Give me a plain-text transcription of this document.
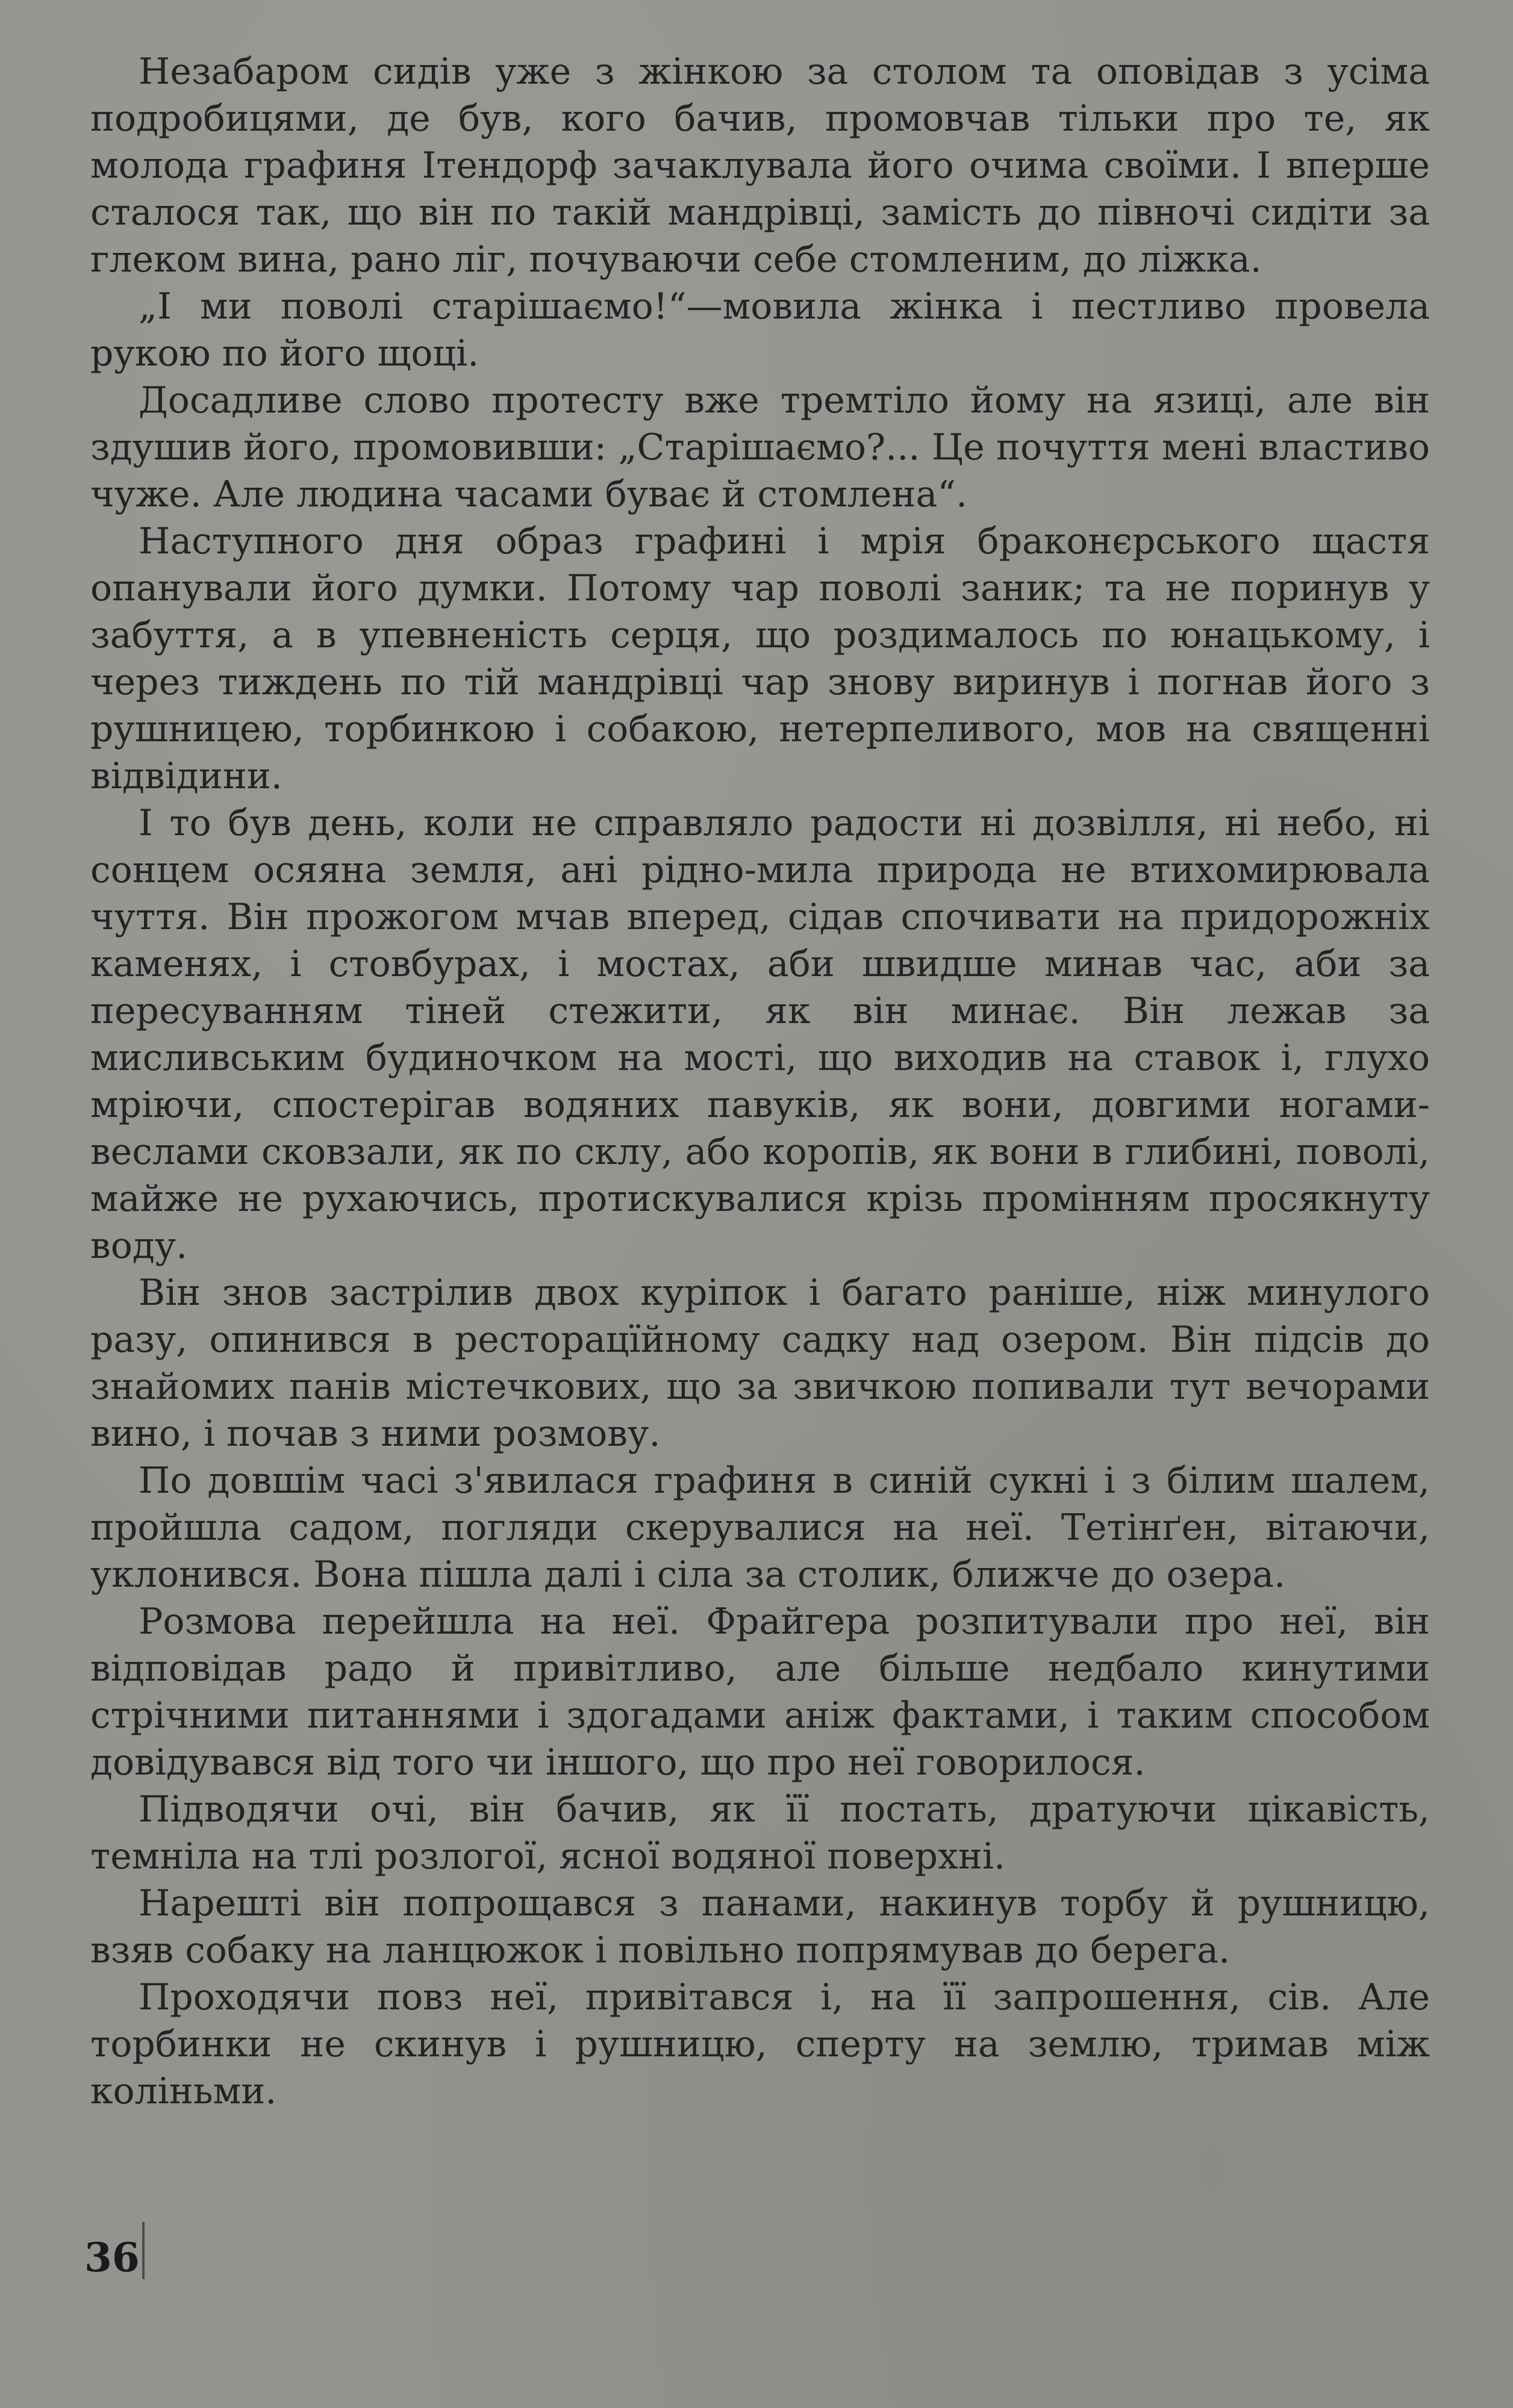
Незабаром сидів уже з жінкою за столом та оповідав з усіма подробицями, де був, кого бачив, промовчав тільки про те, як молода графиня Ітендорф зачаклувала його очима своїми. І вперше сталося так, що він по такій мандрівці, замість до півночі сидіти за глеком вина, рано ліг, почуваючи себе стомленим, до ліжка.

„І ми поволі старішаємо!“—мовила жінка і пестливо провела рукою по його щоці.

Досадливе слово протесту вже тремтіло йому на язиці, але він здушив його, промовивши: „Старішаємо?... Це почуття мені властиво чуже. Але людина часами буває й стомлена“.

Наступного дня образ графині і мрія браконєрського щастя опанували його думки. Потому чар поволі заник; та не поринув у забуття, а в упевненість серця, що роздималось по юнацькому, і через тиждень по тій мандрівці чар знову виринув і погнав його з рушницею, торбинкою і собакою, нетерпеливого, мов на священні відвідини.

І то був день, коли не справляло радости ні дозвілля, ні небо, ні сонцем осяяна земля, ані рідно-мила природа не втихомирювала чуття. Він прожогом мчав вперед, сідав спочивати на придорожніх каменях, і стовбурах, і мостах, аби швидше минав час, аби за пересуванням тіней стежити, як він минає. Він лежав за мисливським будиночком на мості, що виходив на ставок і, глухо мріючи, спостерігав водяних павуків, як вони, довгими ногами-веслами сковзали, як по склу, або коропів, як вони в глибині, поволі, майже не рухаючись, протискувалися крізь промінням просякнуту воду.

Він знов застрілив двох куріпок і багато раніше, ніж минулого разу, опинився в ресторацїйному садку над озером. Він підсів до знайомих панів містечкових, що за звичкою попивали тут вечорами вино, і почав з ними розмову.

По довшім часі з'явилася графиня в синій сукні і з білим шалем, пройшла садом, погляди скерувалися на неї. Тетінґен, вітаючи, уклонився. Вона пішла далі і сіла за столик, ближче до озера.

Розмова перейшла на неї. Фрайгера розпитували про неї, він відповідав радо й привітливо, але більше недбало кинутими стрічними питаннями і здогадами аніж фактами, і таким способом довідувався від того чи іншого, що про неї говорилося.

Підводячи очі, він бачив, як її постать, дратуючи цікавість, темніла на тлі розлогої, ясної водяної поверхні.

Нарешті він попрощався з панами, накинув торбу й рушницю, взяв собаку на ланцюжок і повільно попрямував до берега.

Проходячи повз неї, привітався і, на її запрошення, сів. Але торбинки не скинув і рушницю, сперту на землю, тримав між коліньми.

36
